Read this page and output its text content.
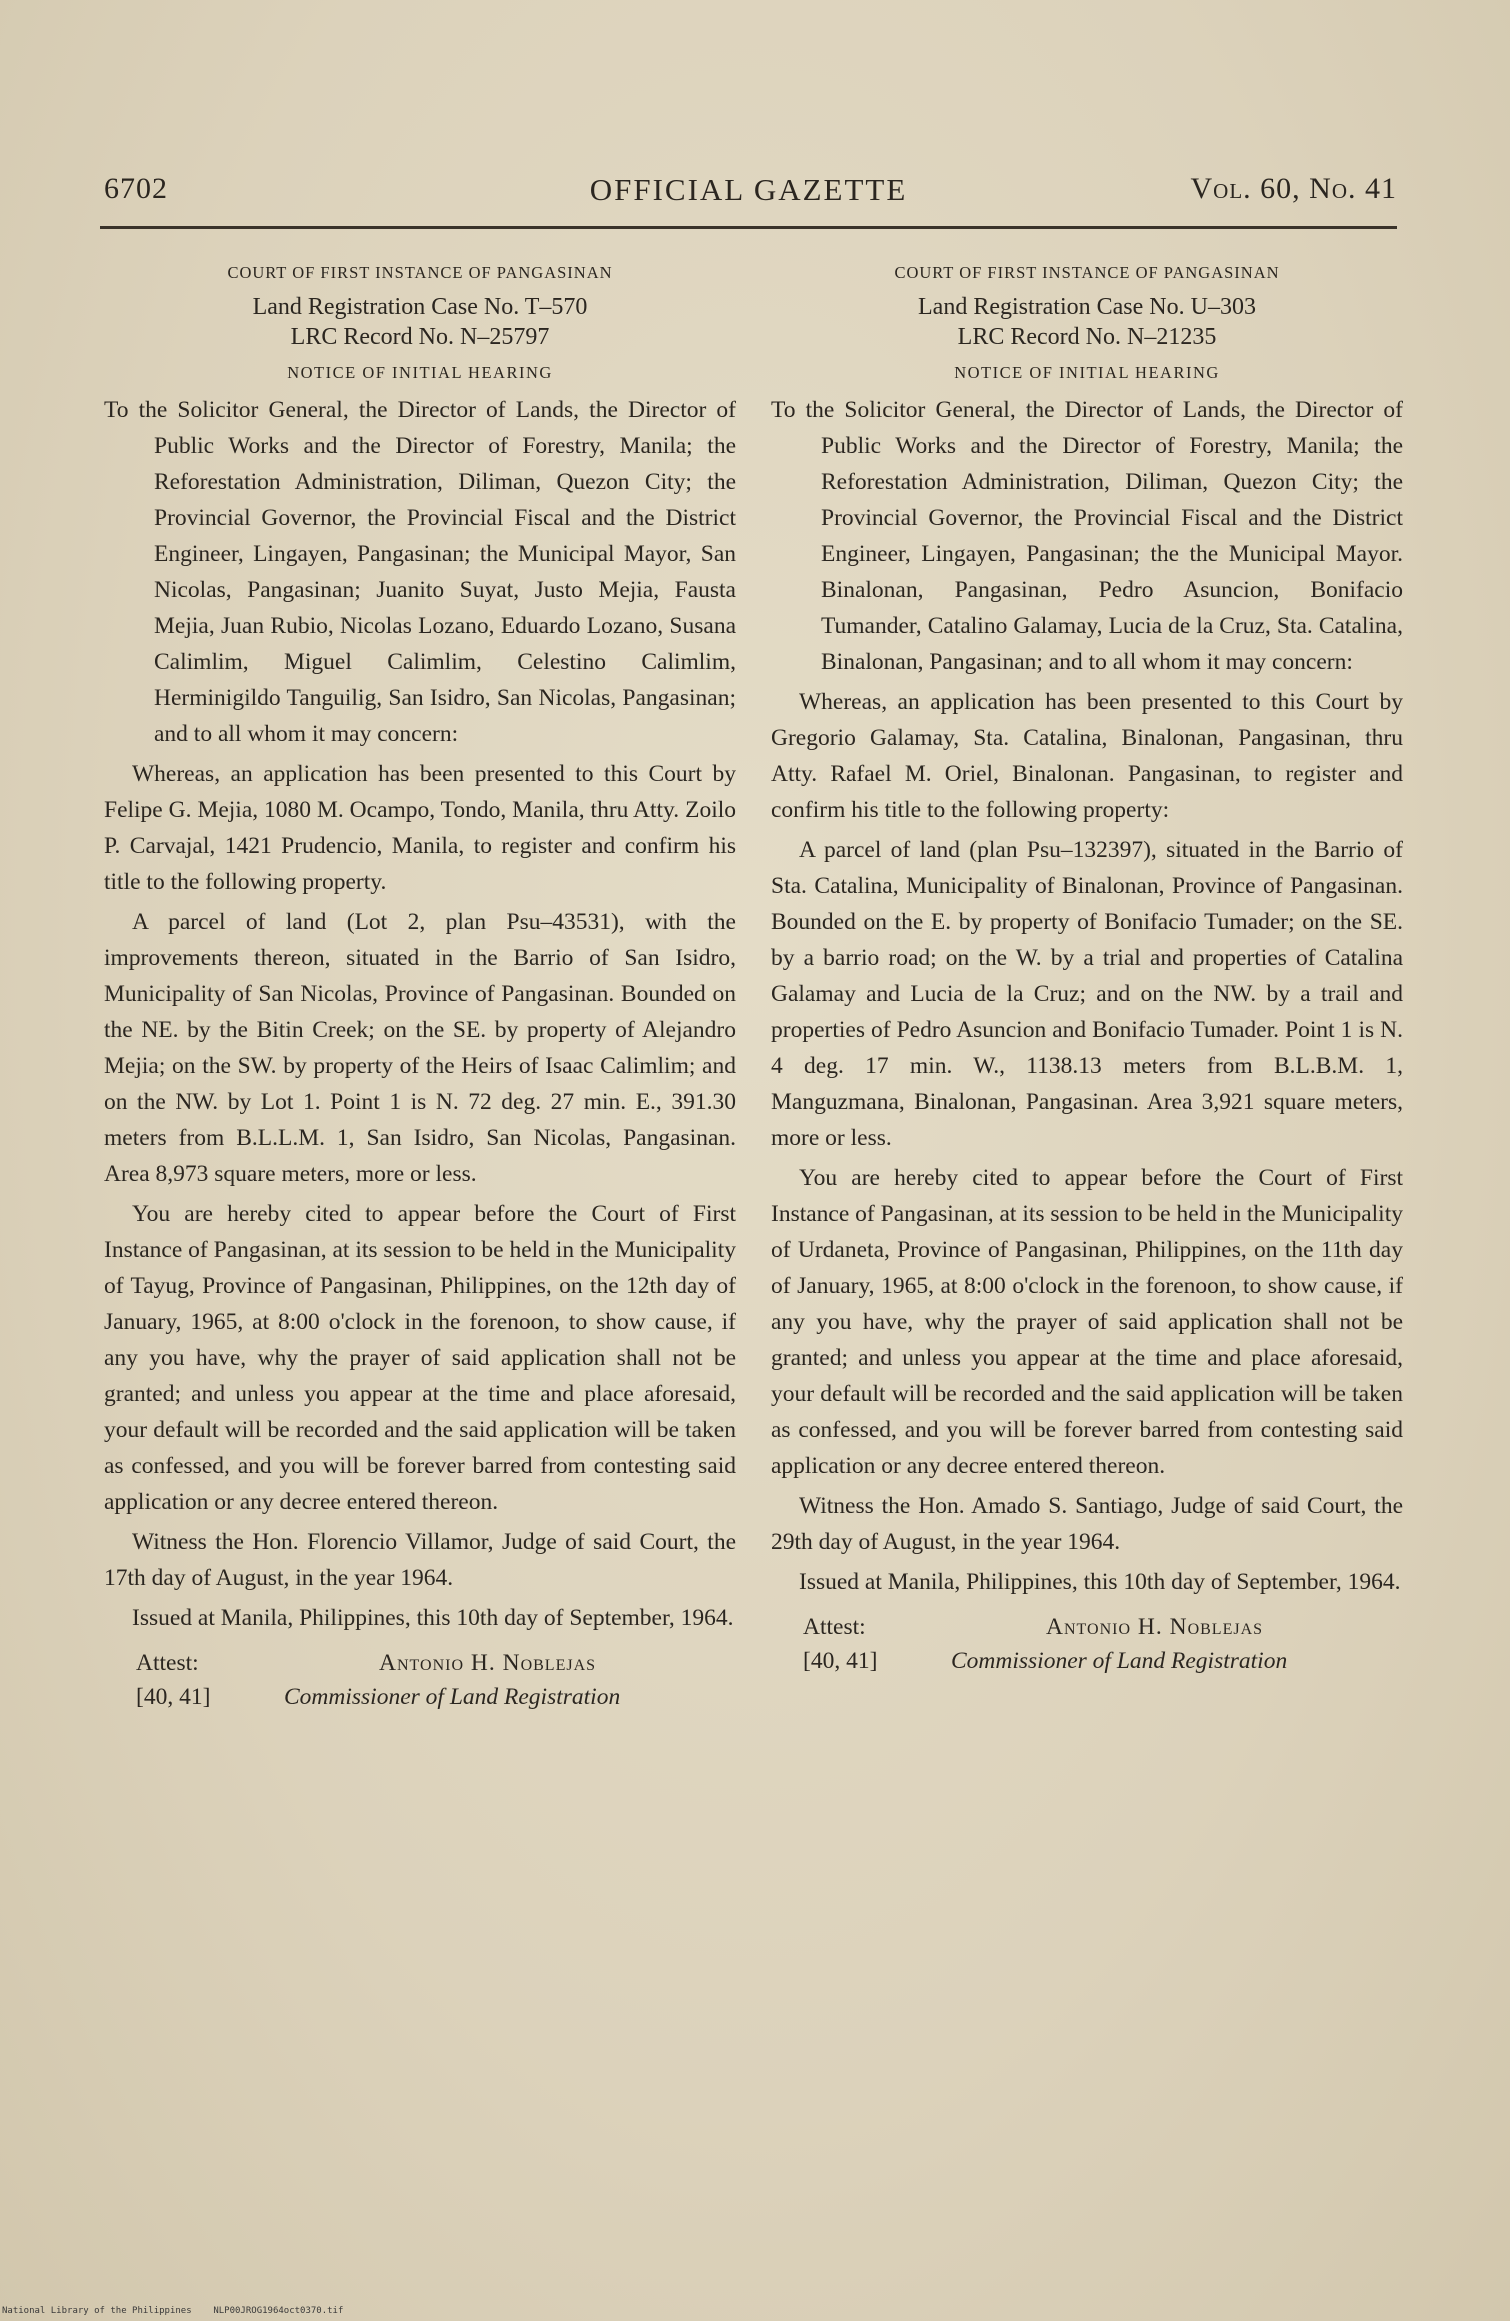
6702	OFFICIAL GAZETTE	Vol. 60, No. 41
COURT OF FIRST INSTANCE OF PANGASINAN
Land Registration Case No. T–570
LRC Record No. N–25797
NOTICE OF INITIAL HEARING

To the Solicitor General, the Director of Lands, the Director of Public Works and the Director of Forestry, Manila; the Reforestation Administration, Diliman, Quezon City; the Provincial Governor, the Provincial Fiscal and the District Engineer, Lingayen, Pangasinan; the Municipal Mayor, San Nicolas, Pangasinan; Juanito Suyat, Justo Mejia, Fausta Mejia, Juan Rubio, Nicolas Lozano, Eduardo Lozano, Susana Calimlim, Miguel Calimlim, Celestino Calimlim, Herminigildo Tanguilig, San Isidro, San Nicolas, Pangasinan; and to all whom it may concern:

Whereas, an application has been presented to this Court by Felipe G. Mejia, 1080 M. Ocampo, Tondo, Manila, thru Atty. Zoilo P. Carvajal, 1421 Prudencio, Manila, to register and confirm his title to the following property.

A parcel of land (Lot 2, plan Psu–43531), with the improvements thereon, situated in the Barrio of San Isidro, Municipality of San Nicolas, Province of Pangasinan. Bounded on the NE. by the Bitin Creek; on the SE. by property of Alejandro Mejia; on the SW. by property of the Heirs of Isaac Calimlim; and on the NW. by Lot 1. Point 1 is N. 72 deg. 27 min. E., 391.30 meters from B.L.L.M. 1, San Isidro, San Nicolas, Pangasinan. Area 8,973 square meters, more or less.

You are hereby cited to appear before the Court of First Instance of Pangasinan, at its session to be held in the Municipality of Tayug, Province of Pangasinan, Philippines, on the 12th day of January, 1965, at 8:00 o'clock in the forenoon, to show cause, if any you have, why the prayer of said application shall not be granted; and unless you appear at the time and place aforesaid, your default will be recorded and the said application will be taken as confessed, and you will be forever barred from contesting said application or any decree entered thereon.

Witness the Hon. Florencio Villamor, Judge of said Court, the 17th day of August, in the year 1964.

Issued at Manila, Philippines, this 10th day of September, 1964.

Attest:
[40, 41]
Antonio H. Noblejas
Commissioner of Land Registration
COURT OF FIRST INSTANCE OF PANGASINAN
Land Registration Case No. U–303
LRC Record No. N–21235
NOTICE OF INITIAL HEARING

To the Solicitor General, the Director of Lands, the Director of Public Works and the Director of Forestry, Manila; the Reforestation Administration, Diliman, Quezon City; the Provincial Governor, the Provincial Fiscal and the District Engineer, Lingayen, Pangasinan; the the Municipal Mayor. Binalonan, Pangasinan, Pedro Asuncion, Bonifacio Tumander, Catalino Galamay, Lucia de la Cruz, Sta. Catalina, Binalonan, Pangasinan; and to all whom it may concern:

Whereas, an application has been presented to this Court by Gregorio Galamay, Sta. Catalina, Binalonan, Pangasinan, thru Atty. Rafael M. Oriel, Binalonan. Pangasinan, to register and confirm his title to the following property:

A parcel of land (plan Psu–132397), situated in the Barrio of Sta. Catalina, Municipality of Binalonan, Province of Pangasinan. Bounded on the E. by property of Bonifacio Tumader; on the SE. by a barrio road; on the W. by a trial and properties of Catalina Galamay and Lucia de la Cruz; and on the NW. by a trail and properties of Pedro Asuncion and Bonifacio Tumader. Point 1 is N. 4 deg. 17 min. W., 1138.13 meters from B.L.B.M. 1, Manguzmana, Binalonan, Pangasinan. Area 3,921 square meters, more or less.

You are hereby cited to appear before the Court of First Instance of Pangasinan, at its session to be held in the Municipality of Urdaneta, Province of Pangasinan, Philippines, on the 11th day of January, 1965, at 8:00 o'clock in the forenoon, to show cause, if any you have, why the prayer of said application shall not be granted; and unless you appear at the time and place aforesaid, your default will be recorded and the said application will be taken as confessed, and you will be forever barred from contesting said application or any decree entered thereon.

Witness the Hon. Amado S. Santiago, Judge of said Court, the 29th day of August, in the year 1964.

Issued at Manila, Philippines, this 10th day of September, 1964.

Attest:
[40, 41]
Antonio H. Noblejas
Commissioner of Land Registration
National Library of the Philippines NLP00JROG1964oct0370.tif
